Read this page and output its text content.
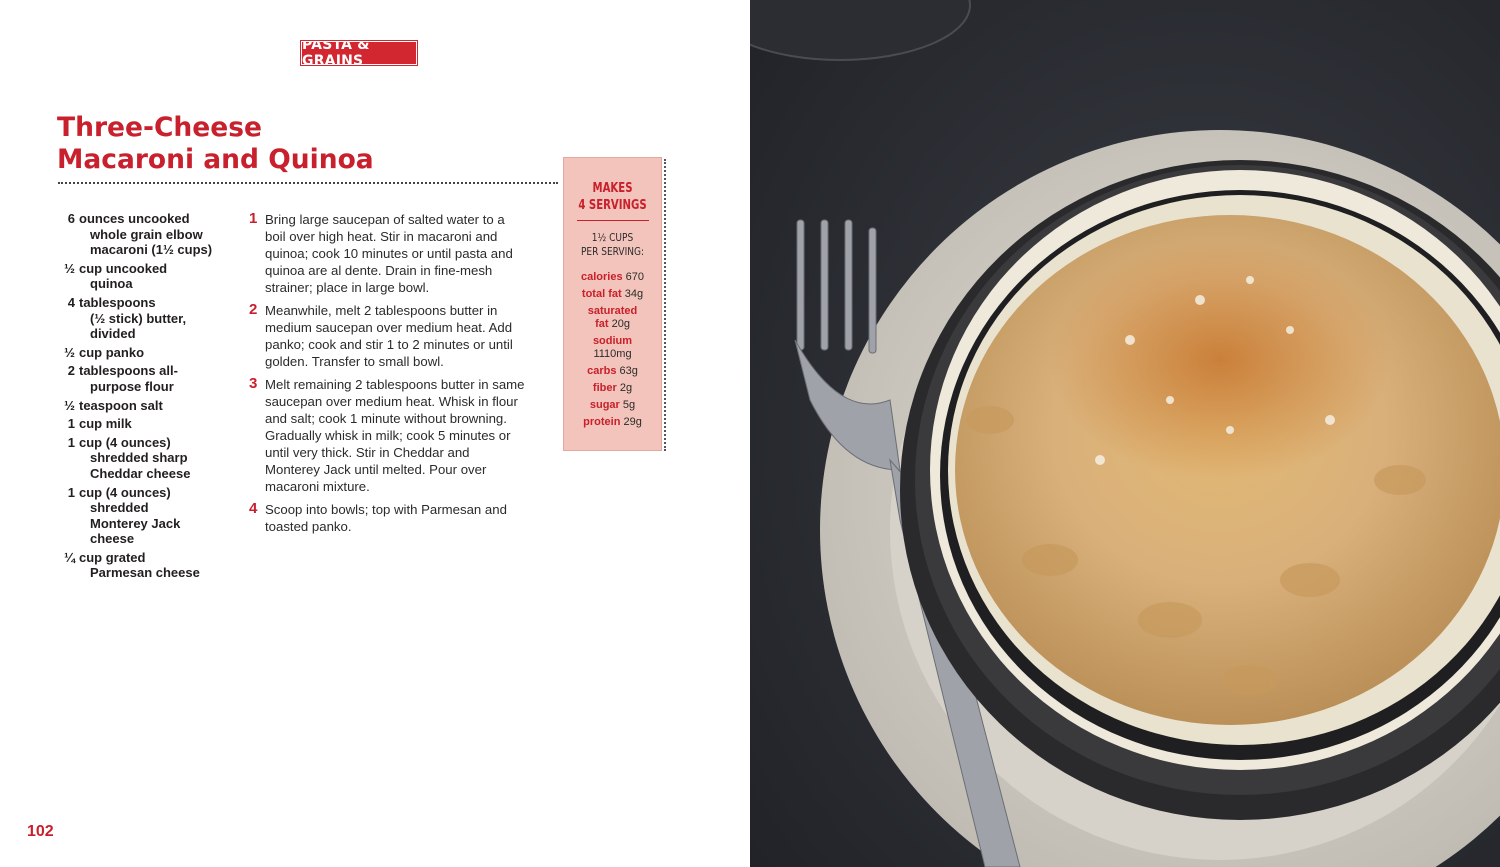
PASTA & GRAINS
Three-Cheese
Macaroni and Quinoa
6 ounces uncooked
whole grain elbow
macaroni (1½ cups)
½ cup uncooked
quinoa
4 tablespoons
(½ stick) butter,
divided
½ cup panko
2 tablespoons all-
purpose flour
½ teaspoon salt
1 cup milk
1 cup (4 ounces)
shredded sharp
Cheddar cheese
1 cup (4 ounces)
shredded
Monterey Jack
cheese
¼ cup grated
Parmesan cheese
1 Bring large saucepan of salted water to a boil over high heat. Stir in macaroni and quinoa; cook 10 minutes or until pasta and quinoa are al dente. Drain in fine-mesh strainer; place in large bowl.
2 Meanwhile, melt 2 tablespoons butter in medium saucepan over medium heat. Add panko; cook and stir 1 to 2 minutes or until golden. Transfer to small bowl.
3 Melt remaining 2 tablespoons butter in same saucepan over medium heat. Whisk in flour and salt; cook 1 minute without browning. Gradually whisk in milk; cook 5 minutes or until very thick. Stir in Cheddar and Monterey Jack until melted. Pour over macaroni mixture.
4 Scoop into bowls; top with Parmesan and toasted panko.
MAKES
4 SERVINGS
1½ CUPS
PER SERVING:
calories 670
total fat 34g
saturated fat 20g
sodium
1110mg
carbs 63g
fiber 2g
sugar 5g
protein 29g
102
